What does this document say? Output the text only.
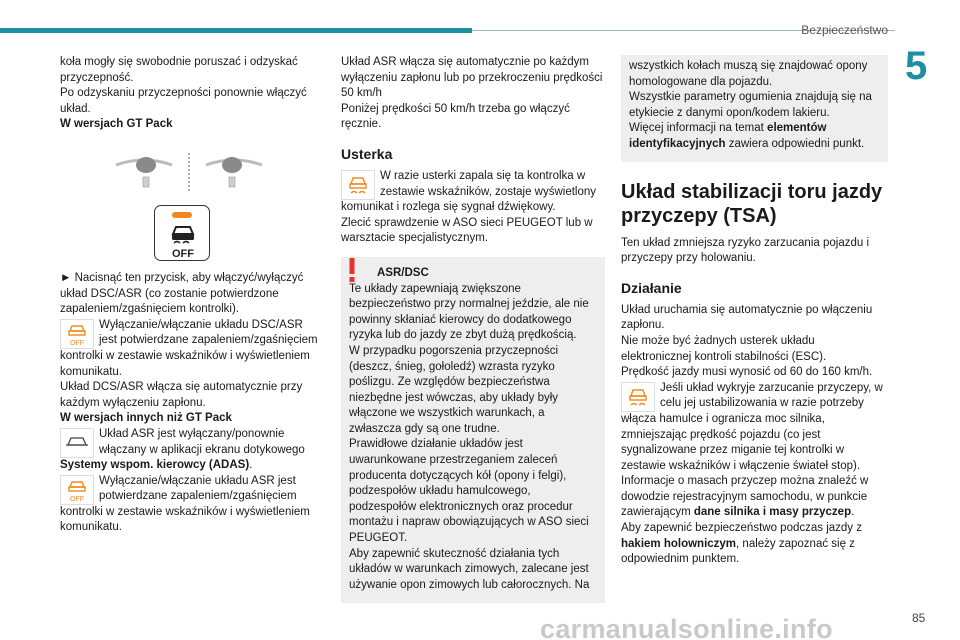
Bezpieczeństwo
5
koła mogły się swobodnie poruszać i odzyskać przyczepność.
Po odzyskaniu przyczepności ponownie włączyć układ.
W wersjach GT Pack
OFF
► Nacisnąć ten przycisk, aby włączyć/wyłączyć układ DSC/ASR (co zostanie potwierdzone zapaleniem/zgaśnięciem kontrolki).
OFF
Wyłączanie/włączanie układu DSC/ASR jest potwierdzane zapaleniem/zgaśnięciem kontrolki w zestawie wskaźników i wyświetleniem komunikatu.
Układ DCS/ASR włącza się automatycznie przy każdym wyłączeniu zapłonu.
W wersjach innych niż GT Pack
Układ ASR jest wyłączany/ponownie włączany w aplikacji ekranu dotykowego Systemy wspom. kierowcy (ADAS).
OFF
Wyłączanie/włączanie układu ASR jest potwierdzane zapaleniem/zgaśnięciem kontrolki w zestawie wskaźników i wyświetleniem komunikatu.
Układ ASR włącza się automatycznie po każdym wyłączeniu zapłonu lub po przekroczeniu prędkości 50 km/h
Poniżej prędkości 50 km/h trzeba go włączyć ręcznie.
Usterka
W razie usterki zapala się ta kontrolka w zestawie wskaźników, zostaje wyświetlony komunikat i rozlega się sygnał dźwiękowy.
Zlecić sprawdzenie w ASO sieci PEUGEOT lub w warsztacie specjalistycznym.
ASR/DSC
Te układy zapewniają zwiększone bezpieczeństwo przy normalnej jeździe, ale nie powinny skłaniać kierowcy do dodatkowego ryzyka lub do jazdy ze zbyt dużą prędkością.
W przypadku pogorszenia przyczepności (deszcz, śnieg, gołoledź) wzrasta ryzyko poślizgu. Ze względów bezpieczeństwa niezbędne jest wówczas, aby układy były włączone we wszystkich warunkach, a zwłaszcza gdy są one trudne.
Prawidłowe działanie układów jest uwarunkowane przestrzeganiem zaleceń producenta dotyczących kół (opony i felgi), podzespołów układu hamulcowego, podzespołów elektronicznych oraz procedur montażu i napraw obowiązujących w ASO sieci PEUGEOT.
Aby zapewnić skuteczność działania tych układów w warunkach zimowych, zalecane jest używanie opon zimowych lub całorocznych. Na
wszystkich kołach muszą się znajdować opony homologowane dla pojazdu.
Wszystkie parametry ogumienia znajdują się na etykiecie z danymi opon/kodem lakieru.
Więcej informacji na temat elementów identyfikacyjnych zawiera odpowiedni punkt.
Układ stabilizacji toru jazdy przyczepy (TSA)
Ten układ zmniejsza ryzyko zarzucania pojazdu i przyczepy przy holowaniu.
Działanie
Układ uruchamia się automatycznie po włączeniu zapłonu.
Nie może być żadnych usterek układu elektronicznej kontroli stabilności (ESC).
Prędkość jazdy musi wynosić od 60 do 160 km/h.
Jeśli układ wykryje zarzucanie przyczepy, w celu jej ustabilizowania w razie potrzeby włącza hamulce i ogranicza moc silnika, zmniejszając prędkość pojazdu (co jest sygnalizowane przez miganie tej kontrolki w zestawie wskaźników i włączenie świateł stop).
Informacje o masach przyczep można znaleźć w dowodzie rejestracyjnym samochodu, w punkcie zawierającym dane silnika i masy przyczep.
Aby zapewnić bezpieczeństwo podczas jazdy z hakiem holowniczym, należy zapoznać się z odpowiednim punktem.
carmanualsonline.info	85
